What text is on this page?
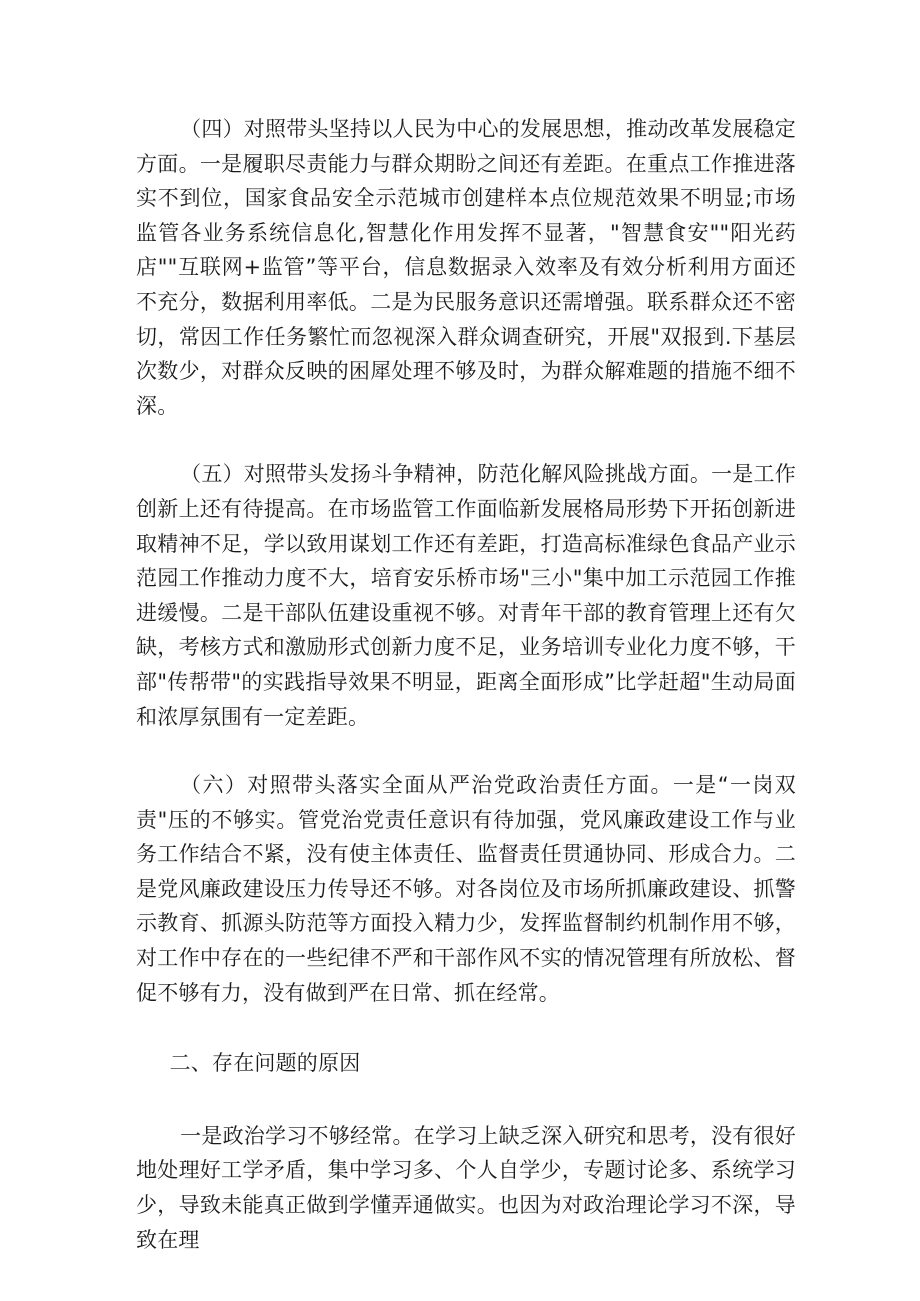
（四）对照带头坚持以人民为中心的发展思想，推动改革发展稳定方面。一是履职尽责能力与群众期盼之间还有差距。在重点工作推进落实不到位，国家食品安全示范城市创建样本点位规范效果不明显;市场监管各业务系统信息化,智慧化作用发挥不显著，"智慧食安""阳光药店""互联网+监管”等平台，信息数据录入效率及有效分析利用方面还不充分，数据利用率低。二是为民服务意识还需增强。联系群众还不密切，常因工作任务繁忙而忽视深入群众调查研究，开展"双报到.下基层次数少，对群众反映的困犀处理不够及时，为群众解难题的措施不细不深。

（五）对照带头发扬斗争精神，防范化解风险挑战方面。一是工作创新上还有待提高。在市场监管工作面临新发展格局形势下开拓创新进取精神不足，学以致用谋划工作还有差距，打造高标准绿色食品产业示范园工作推动力度不大，培育安乐桥市场"三小"集中加工示范园工作推进缓慢。二是干部队伍建设重视不够。对青年干部的教育管理上还有欠缺，考核方式和激励形式创新力度不足，业务培训专业化力度不够，干部"传帮带"的实践指导效果不明显，距离全面形成”比学赶超"生动局面和浓厚氛围有一定差距。

（六）对照带头落实全面从严治党政治责任方面。一是“一岗双责"压的不够实。管党治党责任意识有待加强，党风廉政建设工作与业务工作结合不紧，没有使主体责任、监督责任贯通协同、形成合力。二是党风廉政建设压力传导还不够。对各岗位及市场所抓廉政建设、抓警示教育、抓源头防范等方面投入精力少，发挥监督制约机制作用不够，对工作中存在的一些纪律不严和干部作风不实的情况管理有所放松、督促不够有力，没有做到严在日常、抓在经常。

二、存在问题的原因

一是政治学习不够经常。在学习上缺乏深入研究和思考，没有很好地处理好工学矛盾，集中学习多、个人自学少，专题讨论多、系统学习少，导致未能真正做到学懂弄通做实。也因为对政治理论学习不深，导致在理
